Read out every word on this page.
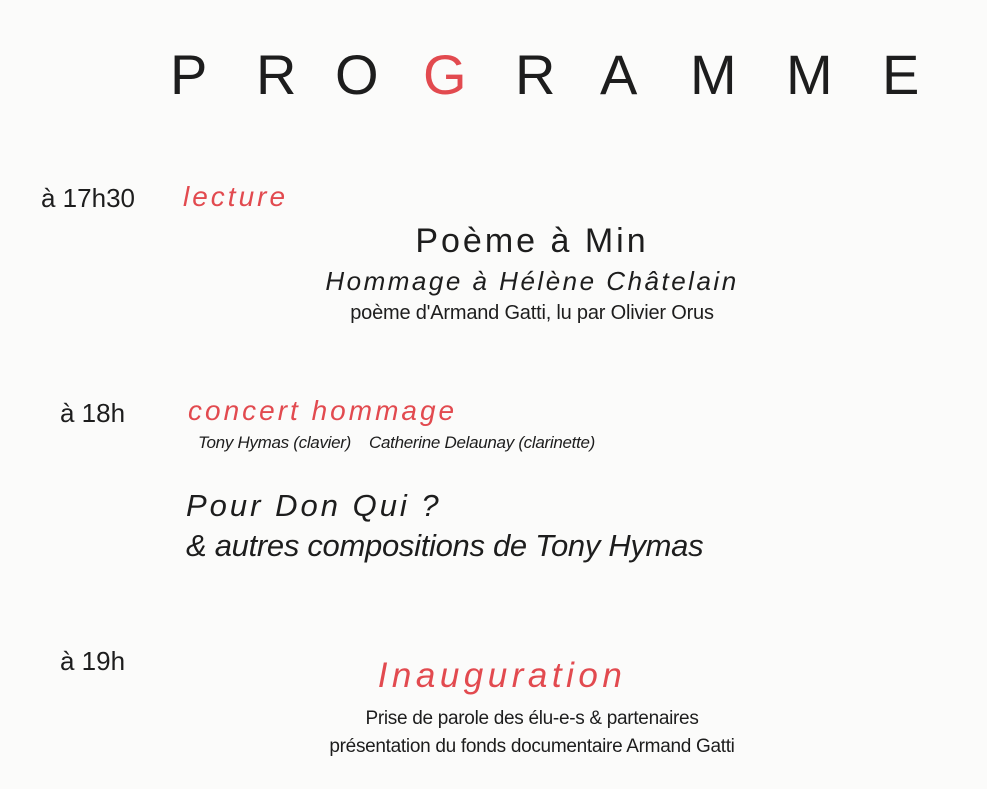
P R O G R A M M E
à 17h30 lecture
Poème à Min
Hommage à Hélène Châtelain
poème d'Armand Gatti, lu par Olivier Orus
à 18h concert hommage
Tony Hymas (clavier) Catherine Delaunay (clarinette)
Pour Don Qui ?
& autres compositions de Tony Hymas
à 19h	Inauguration
Prise de parole des élu-e-s & partenaires
présentation du fonds documentaire Armand Gatti
